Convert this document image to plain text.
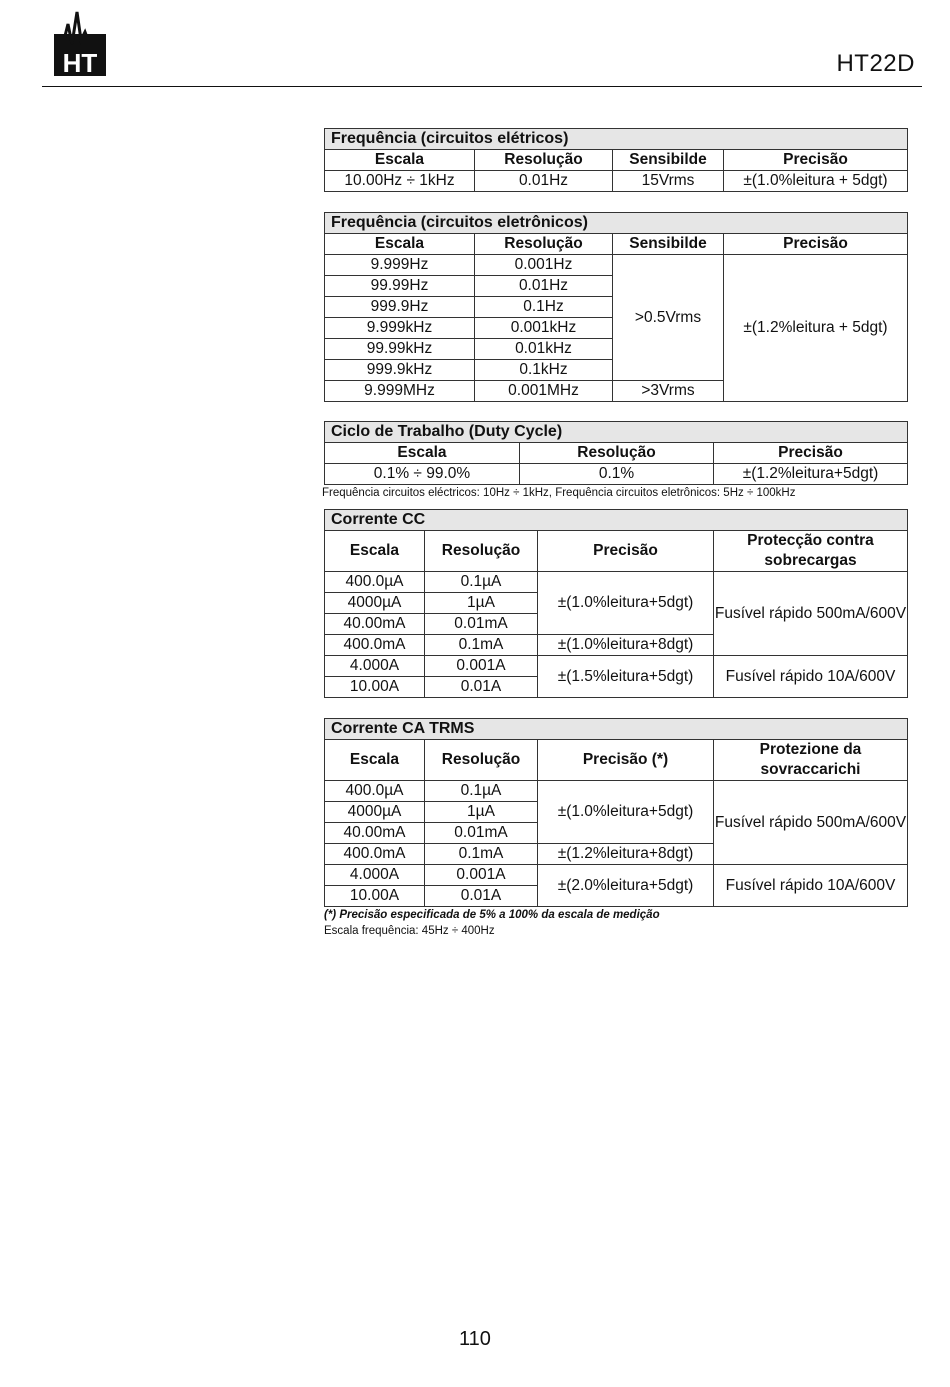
HT	HT22D
Frequência (circuitos elétricos)			
Escala	Resolução	Sensibilde	Precisão
10.00Hz ÷ 1kHz	0.01Hz	15Vrms	±(1.0%leitura + 5dgt)
Frequência (circuitos eletrônicos)			
Escala	Resolução	Sensibilde	Precisão
9.999Hz	0.001Hz	>0.5Vrms	±(1.2%leitura + 5dgt)
99.99Hz	0.01Hz		
999.9Hz	0.1Hz		
9.999kHz	0.001kHz		
99.99kHz	0.01kHz		
999.9kHz	0.1kHz		
9.999MHz	0.001MHz	>3Vrms	
Ciclo de Trabalho (Duty Cycle)		
Escala	Resolução	Precisão
0.1% ÷ 99.0%	0.1%	±(1.2%leitura+5dgt)
Frequência circuitos eléctricos: 10Hz ÷ 1kHz, Frequência circuitos eletrônicos: 5Hz ÷ 100kHz
Corrente CC			
Escala	Resolução	Precisão	Protecção contra sobrecargas
400.0µA	0.1µA	±(1.0%leitura+5dgt)	Fusível rápido 500mA/600V
4000µA	1µA		
40.00mA	0.01mA		
400.0mA	0.1mA	±(1.0%leitura+8dgt)	
4.000A	0.001A	±(1.5%leitura+5dgt)	Fusível rápido 10A/600V
10.00A	0.01A		
Corrente CA TRMS			
Escala	Resolução	Precisão (*)	Protezione da sovraccarichi
400.0µA	0.1µA	±(1.0%leitura+5dgt)	Fusível rápido 500mA/600V
4000µA	1µA		
40.00mA	0.01mA		
400.0mA	0.1mA	±(1.2%leitura+8dgt)	
4.000A	0.001A	±(2.0%leitura+5dgt)	Fusível rápido 10A/600V
10.00A	0.01A		
(*) Precisão especificada de 5% a 100% da escala de medição
Escala frequência: 45Hz ÷ 400Hz
110
